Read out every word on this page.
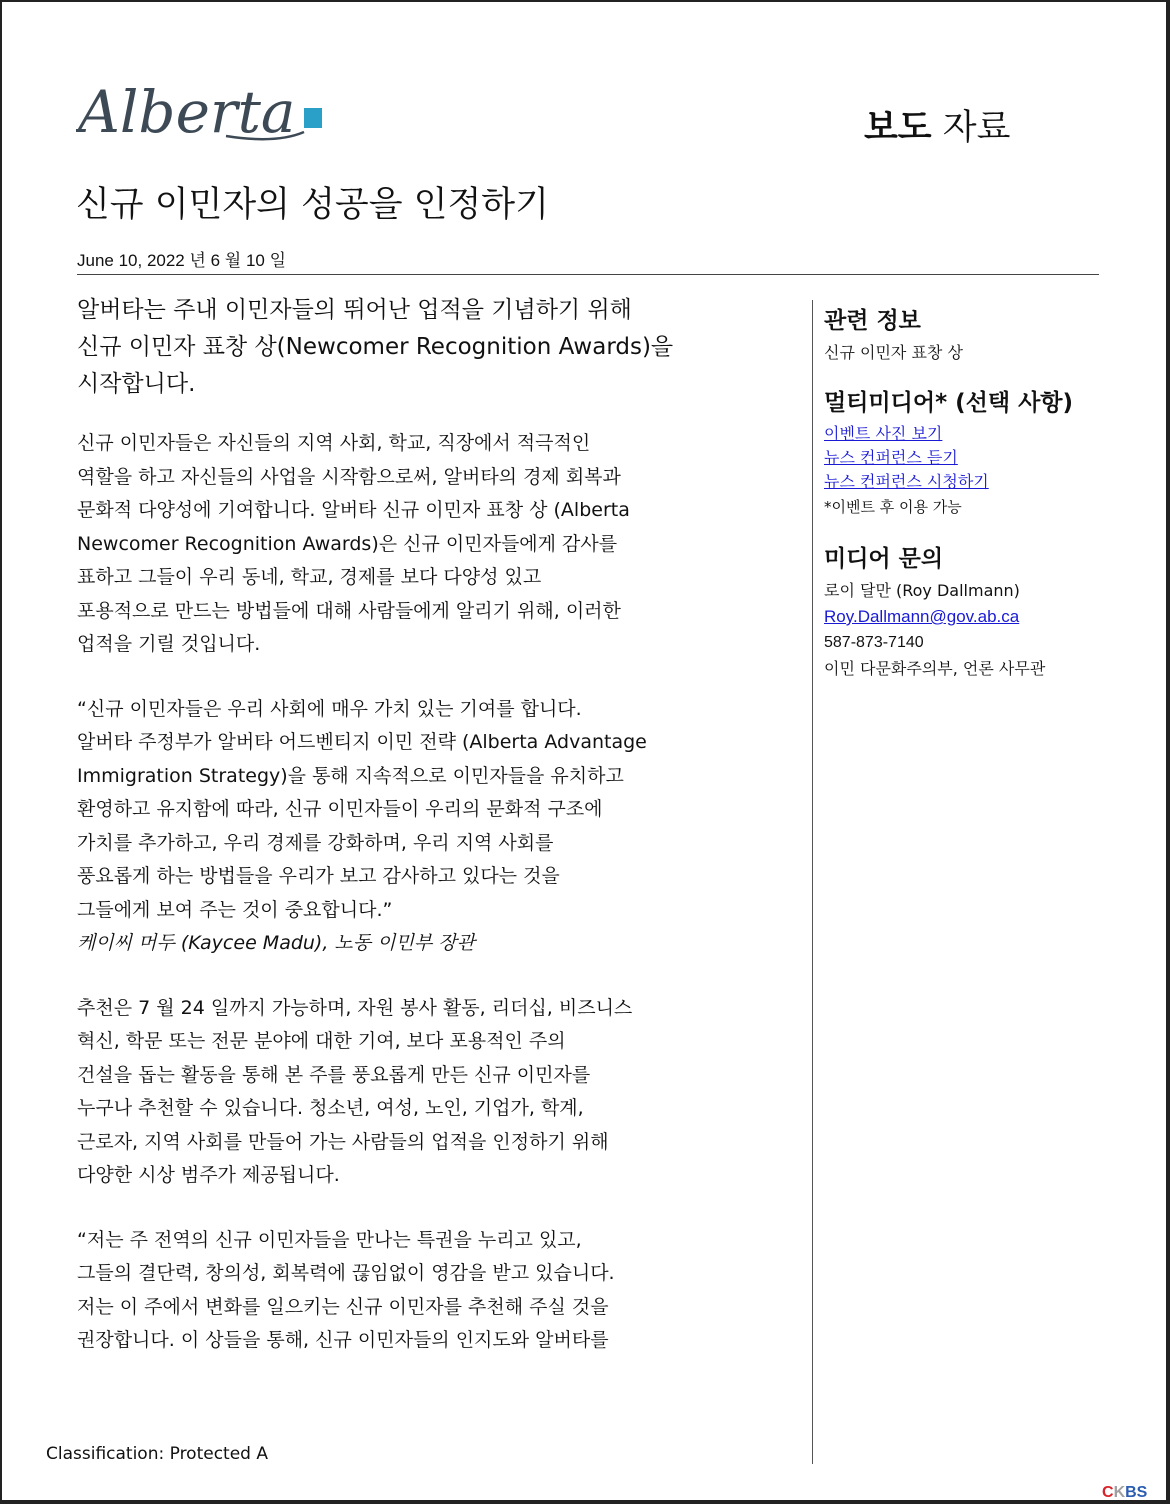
Alberta	보도 자료
신규 이민자의 성공을 인정하기
June 10, 2022 년 6 월 10 일

알버타는 주내 이민자들의 뛰어난 업적을 기념하기 위해

신규 이민자 표창 상(Newcomer Recognition Awards)을

시작합니다.

신규 이민자들은 자신들의 지역 사회, 학교, 직장에서 적극적인

역할을 하고 자신들의 사업을 시작함으로써, 알버타의 경제 회복과

문화적 다양성에 기여합니다. 알버타 신규 이민자 표창 상 (Alberta

Newcomer Recognition Awards)은 신규 이민자들에게 감사를

표하고 그들이 우리 동네, 학교, 경제를 보다 다양성 있고

포용적으로 만드는 방법들에 대해 사람들에게 알리기 위해, 이러한

업적을 기릴 것입니다.

“신규 이민자들은 우리 사회에 매우 가치 있는 기여를 합니다.

알버타 주정부가 알버타 어드벤티지 이민 전략 (Alberta Advantage

Immigration Strategy)을 통해 지속적으로 이민자들을 유치하고

환영하고 유지함에 따라, 신규 이민자들이 우리의 문화적 구조에

가치를 추가하고, 우리 경제를 강화하며, 우리 지역 사회를

풍요롭게 하는 방법들을 우리가 보고 감사하고 있다는 것을

그들에게 보여 주는 것이 중요합니다.”

케이씨 머두 (Kaycee Madu), 노동 이민부 장관

추천은 7 월 24 일까지 가능하며, 자원 봉사 활동, 리더십, 비즈니스

혁신, 학문 또는 전문 분야에 대한 기여, 보다 포용적인 주의

건설을 돕는 활동을 통해 본 주를 풍요롭게 만든 신규 이민자를

누구나 추천할 수 있습니다. 청소년, 여성, 노인, 기업가, 학계,

근로자, 지역 사회를 만들어 가는 사람들의 업적을 인정하기 위해

다양한 시상 범주가 제공됩니다.

“저는 주 전역의 신규 이민자들을 만나는 특권을 누리고 있고,

그들의 결단력, 창의성, 회복력에 끊임없이 영감을 받고 있습니다.

저는 이 주에서 변화를 일으키는 신규 이민자를 추천해 주실 것을

권장합니다. 이 상들을 통해, 신규 이민자들의 인지도와 알버타를

관련 정보
신규 이민자 표창 상
멀티미디어* (선택 사항)
이벤트 사진 보기
뉴스 컨퍼런스 듣기
뉴스 컨퍼런스 시청하기
*이벤트 후 이용 가능
미디어 문의
로이 달만 (Roy Dallmann)
Roy.Dallmann@gov.ab.ca
587-873-7140
이민 다문화주의부, 언론 사무관
Classification: Protected A
CKBS
